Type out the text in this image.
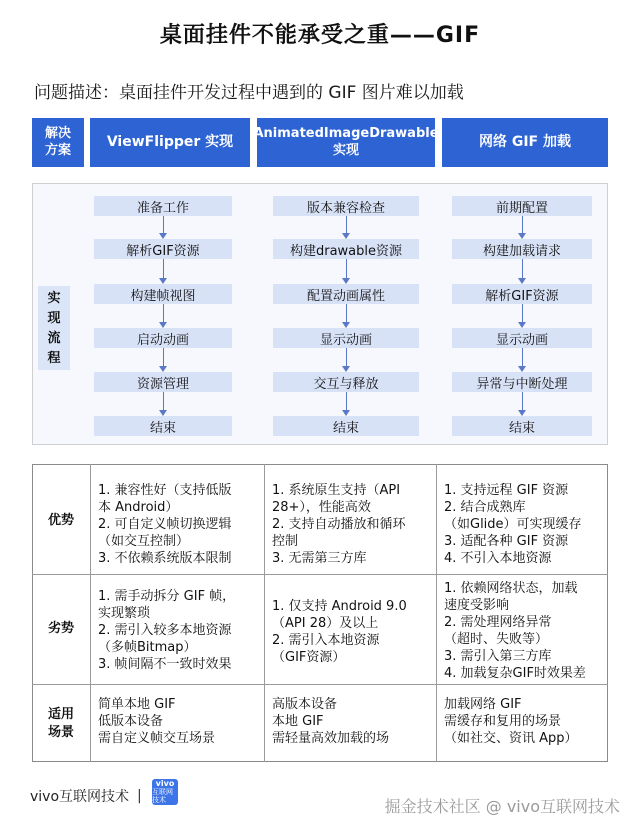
桌面挂件不能承受之重——GIF
问题描述：桌面挂件开发过程中遇到的 GIF 图片难以加载
解决
方案
ViewFlipper 实现	AnimatedImageDrawable
实现
网络 GIF 加载
实
现
流
程
准备工作
解析GIF资源
构建帧视图
启动动画
资源管理
结束
版本兼容检查
构建drawable资源
配置动画属性
显示动画
交互与释放
结束
前期配置
构建加载请求
解析GIF资源
显示动画
异常与中断处理
结束
优势
劣势
适用
场景
1. 兼容性好（支持低版
本 Android）
2. 可自定义帧切换逻辑
（如交互控制）
3. 不依赖系统版本限制
1. 系统原生支持（API
28+），性能高效
2. 支持自动播放和循环
控制
3. 无需第三方库
1. 支持远程 GIF 资源
2. 结合成熟库
（如Glide）可实现缓存
3. 适配各种 GIF 资源
4. 不引入本地资源
1. 需手动拆分 GIF 帧，
实现繁琐
2. 需引入较多本地资源
（多帧Bitmap）
3. 帧间隔不一致时效果
1. 仅支持 Android 9.0
（API 28）及以上
2. 需引入本地资源
（GIF资源）
1. 依赖网络状态，加载
速度受影响
2. 需处理网络异常
（超时、失败等）
3. 需引入第三方库
4. 加载复杂GIF时效果差
简单本地 GIF
低版本设备
需自定义帧交互场景
高版本设备
本地 GIF
需轻量高效加载的场
加载网络 GIF
需缓存和复用的场景
（如社交、资讯 App）
vivo互联网技术 |
vivo
互联网技术	掘金技术社区 @ vivo互联网技术
